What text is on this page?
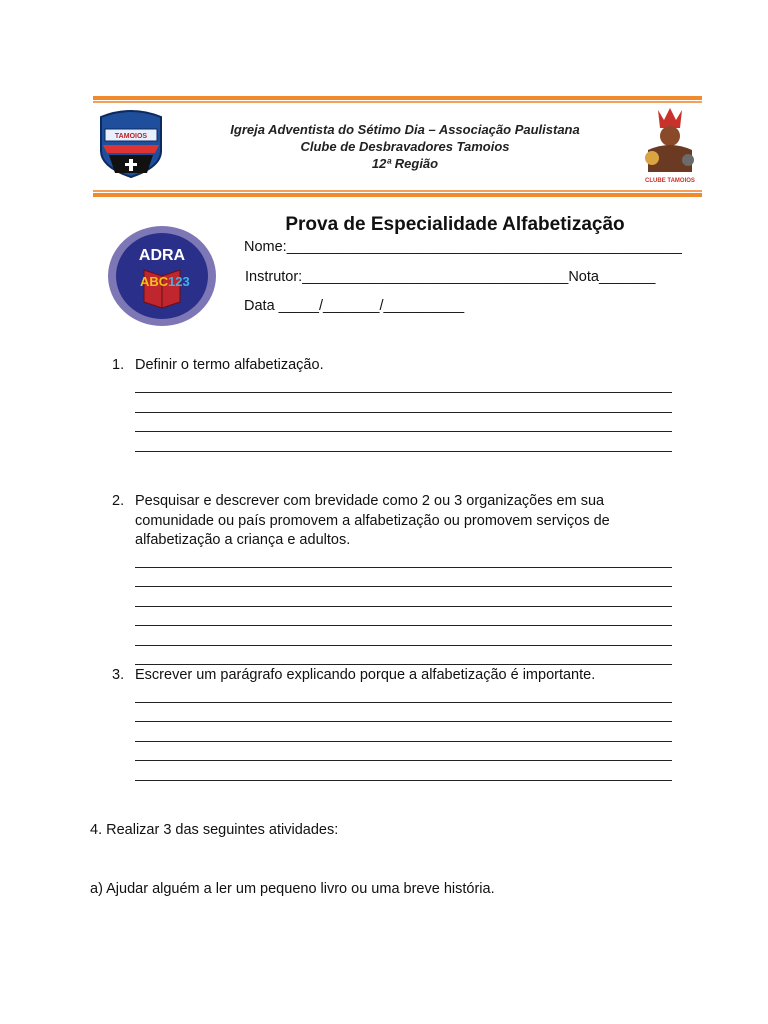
TAMOIOS	Igreja Adventista do Sétimo Dia – Associação Paulistana
Clube de Desbravadores Tamoios
12ª Região
CLUBE TAMOIOS
ADRA
ABC 123
Prova de Especialidade Alfabetização
Nome:_________________________________________________
Instrutor:_________________________________Nota_______
Data _____/_______/__________
1. Definir o termo alfabetização.
2. Pesquisar e descrever com brevidade como 2 ou 3 organizações em sua comunidade ou país promovem a alfabetização ou promovem serviços de alfabetização a criança e adultos.
3. Escrever um parágrafo explicando porque a alfabetização é importante.
4. Realizar 3 das seguintes atividades:
a) Ajudar alguém a ler um pequeno livro ou uma breve história.
